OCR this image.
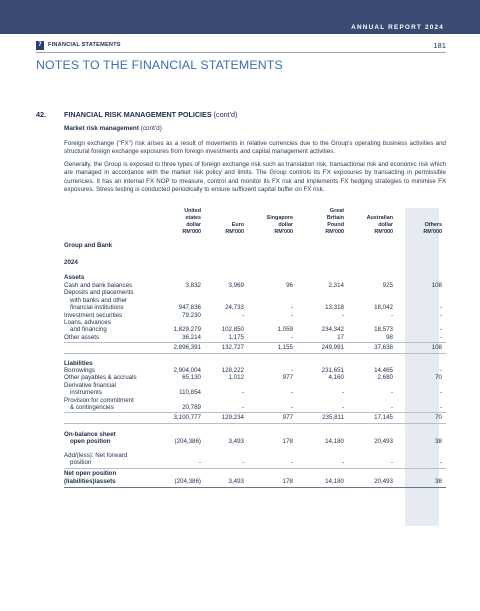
ANNUAL REPORT 2024
7	FINANCIAL STATEMENTS	181
NOTES TO THE FINANCIAL STATEMENTS
42.	FINANCIAL RISK MANAGEMENT POLICIES (cont'd)
Market risk management (cont'd)
Foreign exchange ("FX") risk arises as a result of movements in relative currencies due to the Group's operating business activities and structural foreign exchange exposures from foreign investments and capital management activities.
Generally, the Group is exposed to three types of foreign exchange risk such as translation risk, transactional risk and economic risk which are managed in accordance with the market risk policy and limits. The Group controls its FX exposures by transacting in permissible currencies. It has an internal FX NOP to measure, control and monitor its FX risk and implements FX hedging strategies to minimise FX exposures. Stress testing is conducted periodically to ensure sufficient capital buffer on FX risk.
United
states
dollar
RM'000
Euro
RM'000
Singapore
dollar
RM'000
Great
Britain
Pound
RM'000
Australian
dollar
RM'000
Others
RM'000
Group and Bank
2024
Assets
Cash and bank balances	3,832	3,969	96	2,314	925	108
Deposits and placements
with banks and other
financial institutions	947,836	24,733	-	13,318	18,042	-
Investment securities	79,230	-	-	-	-	-
Loans, advances
and financing	1,829,279	102,850	1,059	234,342	18,573	-
Other assets	36,214	1,175	-	17	98	-
2,896,391	132,727	1,155	249,991	37,638	108
Liabilities
Borrowings	2,904,004	128,222	-	231,651	14,465	-
Other payables & accruals	65,130	1,012	977	4,160	2,680	70
Derivative financial
instruments	110,854	-	-	-	-	-
Provision for commitment
& contingencies	20,789	-	-	-	-	-
3,100,777	129,234	977	235,811	17,145	70
On-balance sheet
open position	(204,386)	3,493	178	14,180	20,493	38
Add/(less): Net forward
position	-	-	-	-	-	-
Net open position
(liabilities)/assets	(204,386)	3,493	178	14,180	20,493	38
